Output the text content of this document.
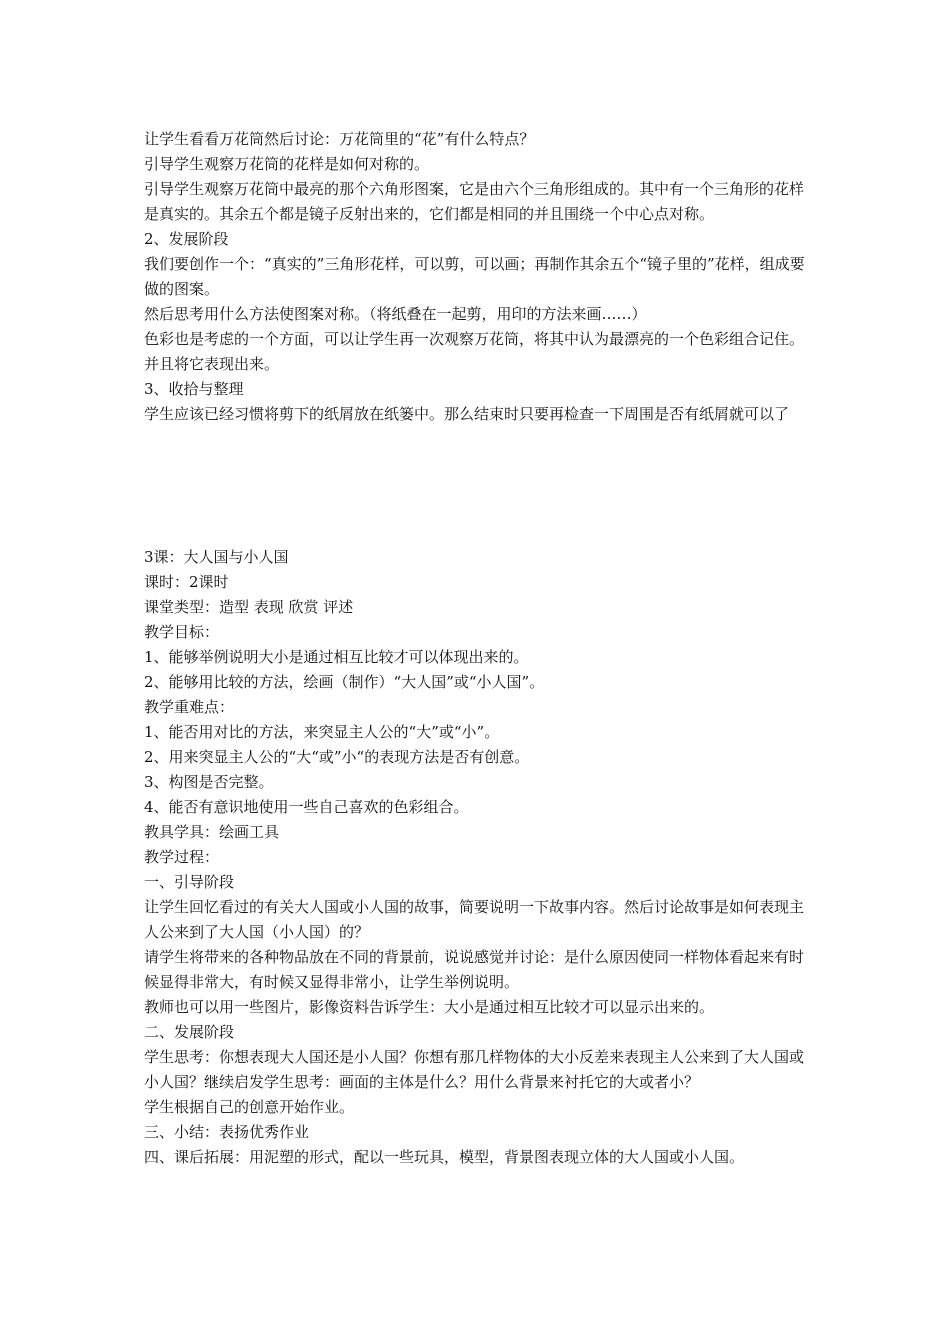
让学生看看万花筒然后讨论：万花筒里的“花”有什么特点？

引导学生观察万花筒的花样是如何对称的。

引导学生观察万花筒中最亮的那个六角形图案，它是由六个三角形组成的。其中有一个三角形的花样是真实的。其余五个都是镜子反射出来的，它们都是相同的并且围绕一个中心点对称。

2、发展阶段

我们要创作一个：“真实的”三角形花样，可以剪，可以画；再制作其余五个“镜子里的”花样，组成要做的图案。

然后思考用什么方法使图案对称。（将纸叠在一起剪，用印的方法来画……）

色彩也是考虑的一个方面，可以让学生再一次观察万花筒，将其中认为最漂亮的一个色彩组合记住。并且将它表现出来。

3、收拾与整理

学生应该已经习惯将剪下的纸屑放在纸篓中。那么结束时只要再检查一下周围是否有纸屑就可以了

3课：大人国与小人国

课时：2课时

课堂类型：造型 表现 欣赏 评述

教学目标：

1、能够举例说明大小是通过相互比较才可以体现出来的。

2、能够用比较的方法，绘画（制作）“大人国”或“小人国”。

教学重难点：

1、能否用对比的方法，来突显主人公的“大”或“小”。

2、用来突显主人公的“大“或”小“的表现方法是否有创意。

3、构图是否完整。

4、能否有意识地使用一些自己喜欢的色彩组合。

教具学具：绘画工具

教学过程：

一、引导阶段

让学生回忆看过的有关大人国或小人国的故事，简要说明一下故事内容。然后讨论故事是如何表现主人公来到了大人国（小人国）的？

请学生将带来的各种物品放在不同的背景前，说说感觉并讨论：是什么原因使同一样物体看起来有时候显得非常大，有时候又显得非常小，让学生举例说明。

教师也可以用一些图片，影像资料告诉学生：大小是通过相互比较才可以显示出来的。

二、发展阶段

学生思考：你想表现大人国还是小人国？你想有那几样物体的大小反差来表现主人公来到了大人国或小人国？继续启发学生思考：画面的主体是什么？用什么背景来衬托它的大或者小？

学生根据自己的创意开始作业。

三、小结：表扬优秀作业

四、课后拓展：用泥塑的形式，配以一些玩具，模型，背景图表现立体的大人国或小人国。
